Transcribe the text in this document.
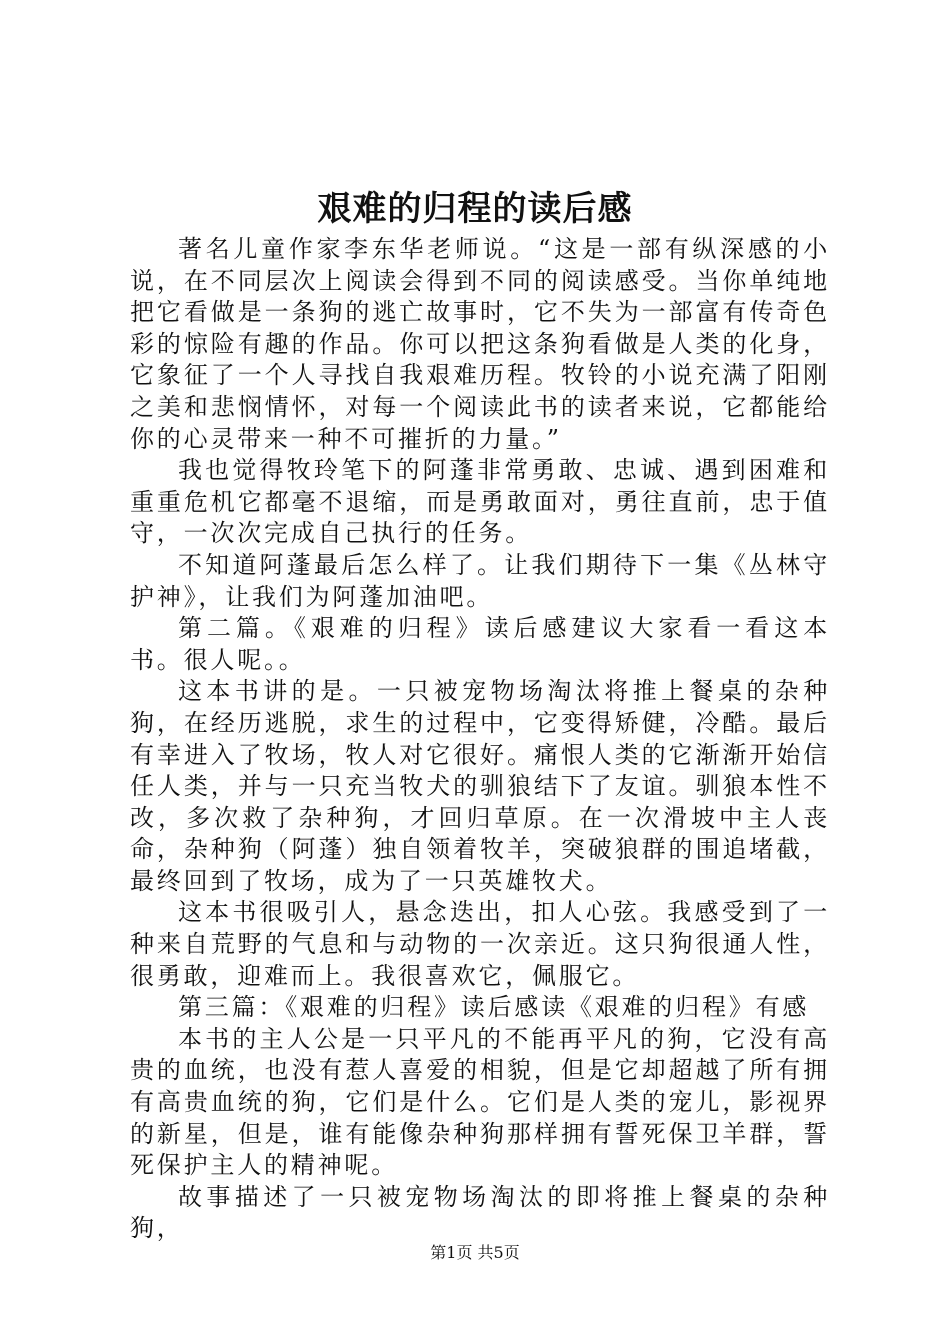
艰难的归程的读后感

著名儿童作家李东华老师说。“这是一部有纵深感的小说，在不同层次上阅读会得到不同的阅读感受。当你单纯地把它看做是一条狗的逃亡故事时，它不失为一部富有传奇色彩的惊险有趣的作品。你可以把这条狗看做是人类的化身，它象征了一个人寻找自我艰难历程。牧铃的小说充满了阳刚之美和悲悯情怀，对每一个阅读此书的读者来说，它都能给你的心灵带来一种不可摧折的力量。”

我也觉得牧玲笔下的阿蓬非常勇敢、忠诚、遇到困难和重重危机它都毫不退缩，而是勇敢面对，勇往直前，忠于值守，一次次完成自己执行的任务。

不知道阿蓬最后怎么样了。让我们期待下一集《丛林守护神》，让我们为阿蓬加油吧。

第二篇。《艰难的归程》读后感建议大家看一看这本书。很人呢。。

这本书讲的是。一只被宠物场淘汰将推上餐桌的杂种狗，在经历逃脱，求生的过程中，它变得矫健，冷酷。最后有幸进入了牧场，牧人对它很好。痛恨人类的它渐渐开始信任人类，并与一只充当牧犬的驯狼结下了友谊。驯狼本性不改，多次救了杂种狗，才回归草原。在一次滑坡中主人丧命，杂种狗（阿蓬）独自领着牧羊，突破狼群的围追堵截，最终回到了牧场，成为了一只英雄牧犬。

这本书很吸引人，悬念迭出，扣人心弦。我感受到了一种来自荒野的气息和与动物的一次亲近。这只狗很通人性，很勇敢，迎难而上。我很喜欢它，佩服它。

第三篇：《艰难的归程》读后感读《艰难的归程》有感

本书的主人公是一只平凡的不能再平凡的狗，它没有高贵的血统，也没有惹人喜爱的相貌，但是它却超越了所有拥有高贵血统的狗，它们是什么。它们是人类的宠儿，影视界的新星，但是，谁有能像杂种狗那样拥有誓死保卫羊群，誓死保护主人的精神呢。

故事描述了一只被宠物场淘汰的即将推上餐桌的杂种狗，

第1页 共5页
